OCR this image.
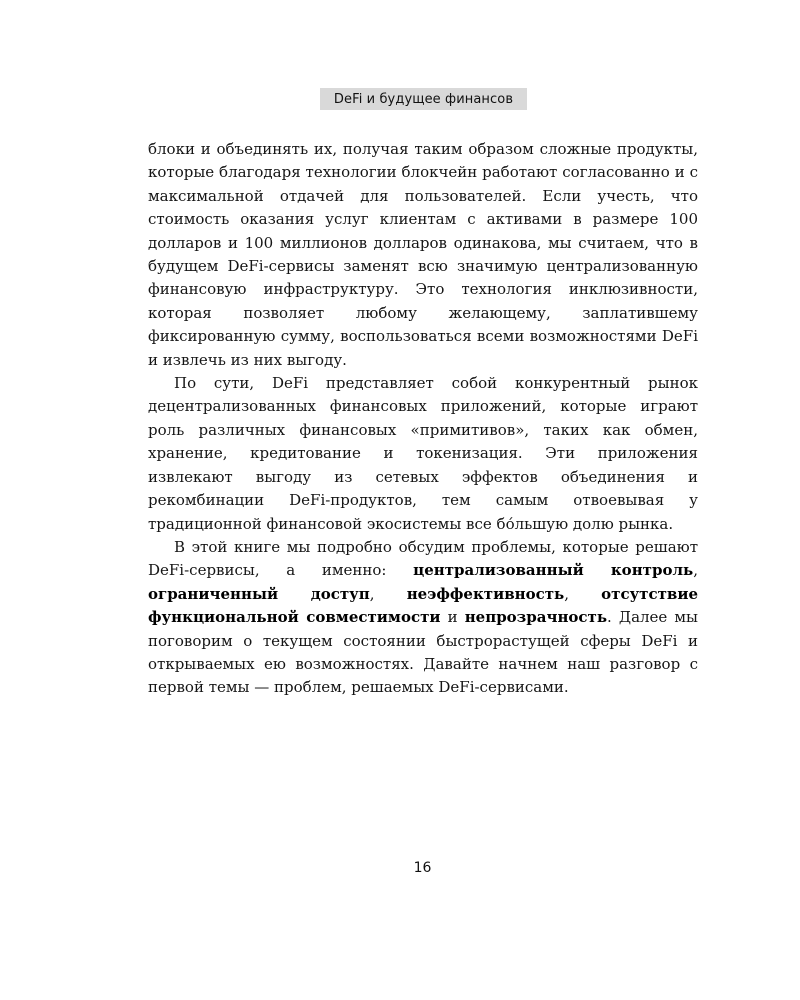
DeFi и будущее финансов

блоки и объединять их, получая таким образом сложные продукты, которые благодаря технологии блокчейн работают согласованно и с максимальной отдачей для пользователей. Если учесть, что стоимость оказания услуг клиентам с активами в размере 100 долларов и 100 миллионов долларов одинакова, мы считаем, что в будущем DeFi-сервисы заменят всю значимую централизованную финансовую инфраструктуру. Это технология инклюзивности, которая позволяет любому желающему, заплатившему фиксированную сумму, воспользоваться всеми возможностями DeFi и извлечь из них выгоду.

По сути, DeFi представляет собой конкурентный рынок децентрализованных финансовых приложений, которые играют роль различных финансовых «примитивов», таких как обмен, хранение, кредитование и токенизация. Эти приложения извлекают выгоду из сетевых эффектов объединения и рекомбинации DeFi-продуктов, тем самым отвоевывая у традиционной финансовой экосистемы все бо́льшую долю рынка.

В этой книге мы подробно обсудим проблемы, которые решают DeFi-сервисы, а именно: централизованный контроль, ограниченный доступ, неэффективность, отсутствие функциональной совместимости и непрозрачность. Далее мы поговорим о текущем состоянии быстрорастущей сферы DeFi и открываемых ею возможностях. Давайте начнем наш разговор с первой темы — проблем, решаемых DeFi-сервисами.

16
